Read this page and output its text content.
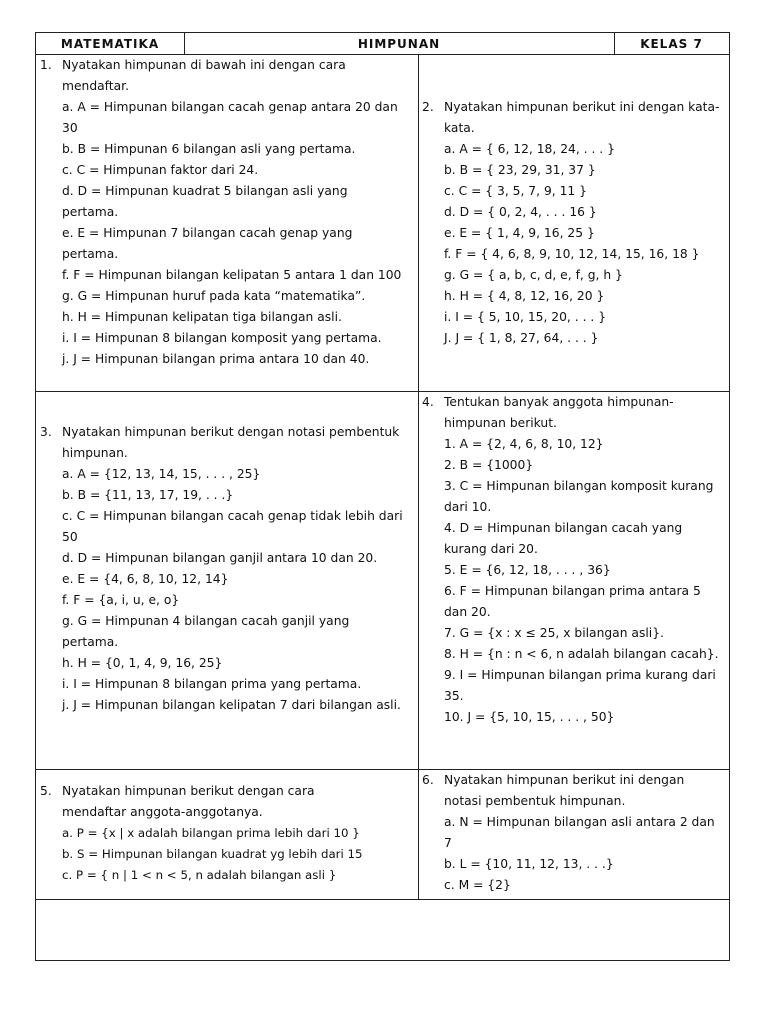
MATEMATIKA	HIMPUNAN	KELAS 7
1. Nyatakan himpunan di bawah ini dengan cara mendaftar.
a. A = Himpunan bilangan cacah genap antara 20 dan 30
b. B = Himpunan 6 bilangan asli yang pertama.
c. C = Himpunan faktor dari 24.
d. D = Himpunan kuadrat 5 bilangan asli yang pertama.
e. E = Himpunan 7 bilangan cacah genap yang pertama.
f. F = Himpunan bilangan kelipatan 5 antara 1 dan 100
g. G = Himpunan huruf pada kata “matematika”.
h. H = Himpunan kelipatan tiga bilangan asli.
i. I = Himpunan 8 bilangan komposit yang pertama.
j. J = Himpunan bilangan prima antara 10 dan 40.
2. Nyatakan himpunan berikut ini dengan kata-kata.
a. A = { 6, 12, 18, 24, . . . }
b. B = { 23, 29, 31, 37 }
c. C = { 3, 5, 7, 9, 11 }
d. D = { 0, 2, 4, . . . 16 }
e. E = { 1, 4, 9, 16, 25 }
f. F = { 4, 6, 8, 9, 10, 12, 14, 15, 16, 18 }
g. G = { a, b, c, d, e, f, g, h }
h. H = { 4, 8, 12, 16, 20 }
i. I = { 5, 10, 15, 20, . . . }
J. J = { 1, 8, 27, 64, . . . }
3. Nyatakan himpunan berikut dengan notasi pembentuk himpunan.
a. A = {12, 13, 14, 15, . . . , 25}
b. B = {11, 13, 17, 19, . . .}
c. C = Himpunan bilangan cacah genap tidak lebih dari 50
d. D = Himpunan bilangan ganjil antara 10 dan 20.
e. E = {4, 6, 8, 10, 12, 14}
f. F = {a, i, u, e, o}
g. G = Himpunan 4 bilangan cacah ganjil yang pertama.
h. H = {0, 1, 4, 9, 16, 25}
i. I = Himpunan 8 bilangan prima yang pertama.
j. J = Himpunan bilangan kelipatan 7 dari bilangan asli.
4. Tentukan banyak anggota himpunan-himpunan berikut.
1. A = {2, 4, 6, 8, 10, 12}
2. B = {1000}
3. C = Himpunan bilangan komposit kurang dari 10.
4. D = Himpunan bilangan cacah yang kurang dari 20.
5. E = {6, 12, 18, . . . , 36}
6. F = Himpunan bilangan prima antara 5 dan 20.
7. G = {x : x ≤ 25, x bilangan asli}.
8. H = {n : n < 6, n adalah bilangan cacah}.
9. I = Himpunan bilangan prima kurang dari 35.
10. J = {5, 10, 15, . . . , 50}
5. Nyatakan himpunan berikut dengan cara mendaftar anggota-anggotanya.
a. P = {x | x adalah bilangan prima lebih dari 10 }
b. S = Himpunan bilangan kuadrat yg lebih dari 15
c. P = { n | 1 < n < 5, n adalah bilangan asli }
6. Nyatakan himpunan berikut ini dengan notasi pembentuk himpunan.
a. N = Himpunan bilangan asli antara 2 dan 7
b. L = {10, 11, 12, 13, . . .}
c. M = {2}
